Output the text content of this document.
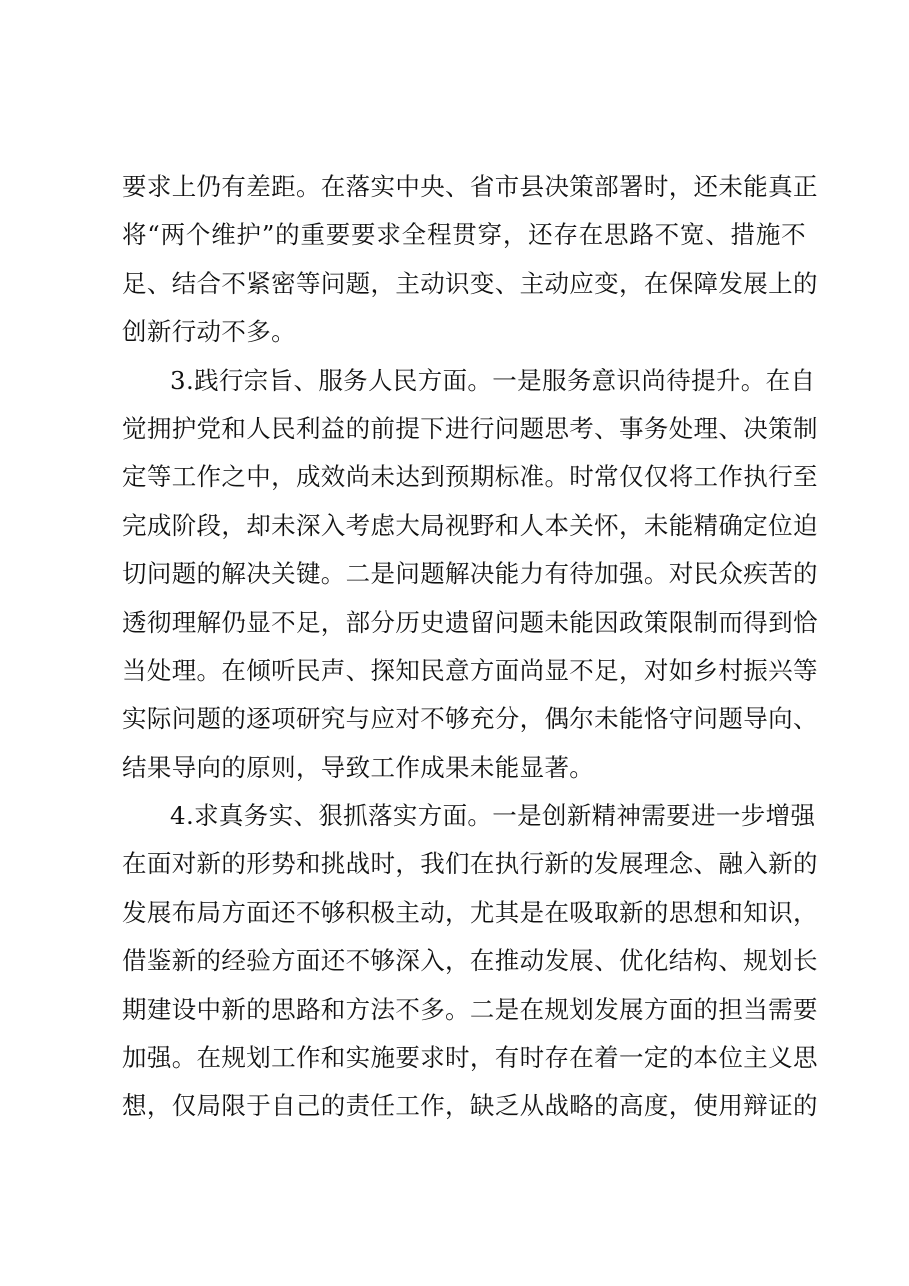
要求上仍有差距。在落实中央、省市县决策部署时，还未能真正
将“两个维护”的重要要求全程贯穿，还存在思路不宽、措施不
足、结合不紧密等问题，主动识变、主动应变，在保障发展上的
创新行动不多。
3.践行宗旨、服务人民方面。一是服务意识尚待提升。在自
觉拥护党和人民利益的前提下进行问题思考、事务处理、决策制
定等工作之中，成效尚未达到预期标准。时常仅仅将工作执行至
完成阶段，却未深入考虑大局视野和人本关怀，未能精确定位迫
切问题的解决关键。二是问题解决能力有待加强。对民众疾苦的
透彻理解仍显不足，部分历史遗留问题未能因政策限制而得到恰
当处理。在倾听民声、探知民意方面尚显不足，对如乡村振兴等
实际问题的逐项研究与应对不够充分，偶尔未能恪守问题导向、
结果导向的原则，导致工作成果未能显著。
4.求真务实、狠抓落实方面。一是创新精神需要进一步增强
在面对新的形势和挑战时，我们在执行新的发展理念、融入新的
发展布局方面还不够积极主动，尤其是在吸取新的思想和知识，
借鉴新的经验方面还不够深入，在推动发展、优化结构、规划长
期建设中新的思路和方法不多。二是在规划发展方面的担当需要
加强。在规划工作和实施要求时，有时存在着一定的本位主义思
想，仅局限于自己的责任工作，缺乏从战略的高度，使用辩证的
